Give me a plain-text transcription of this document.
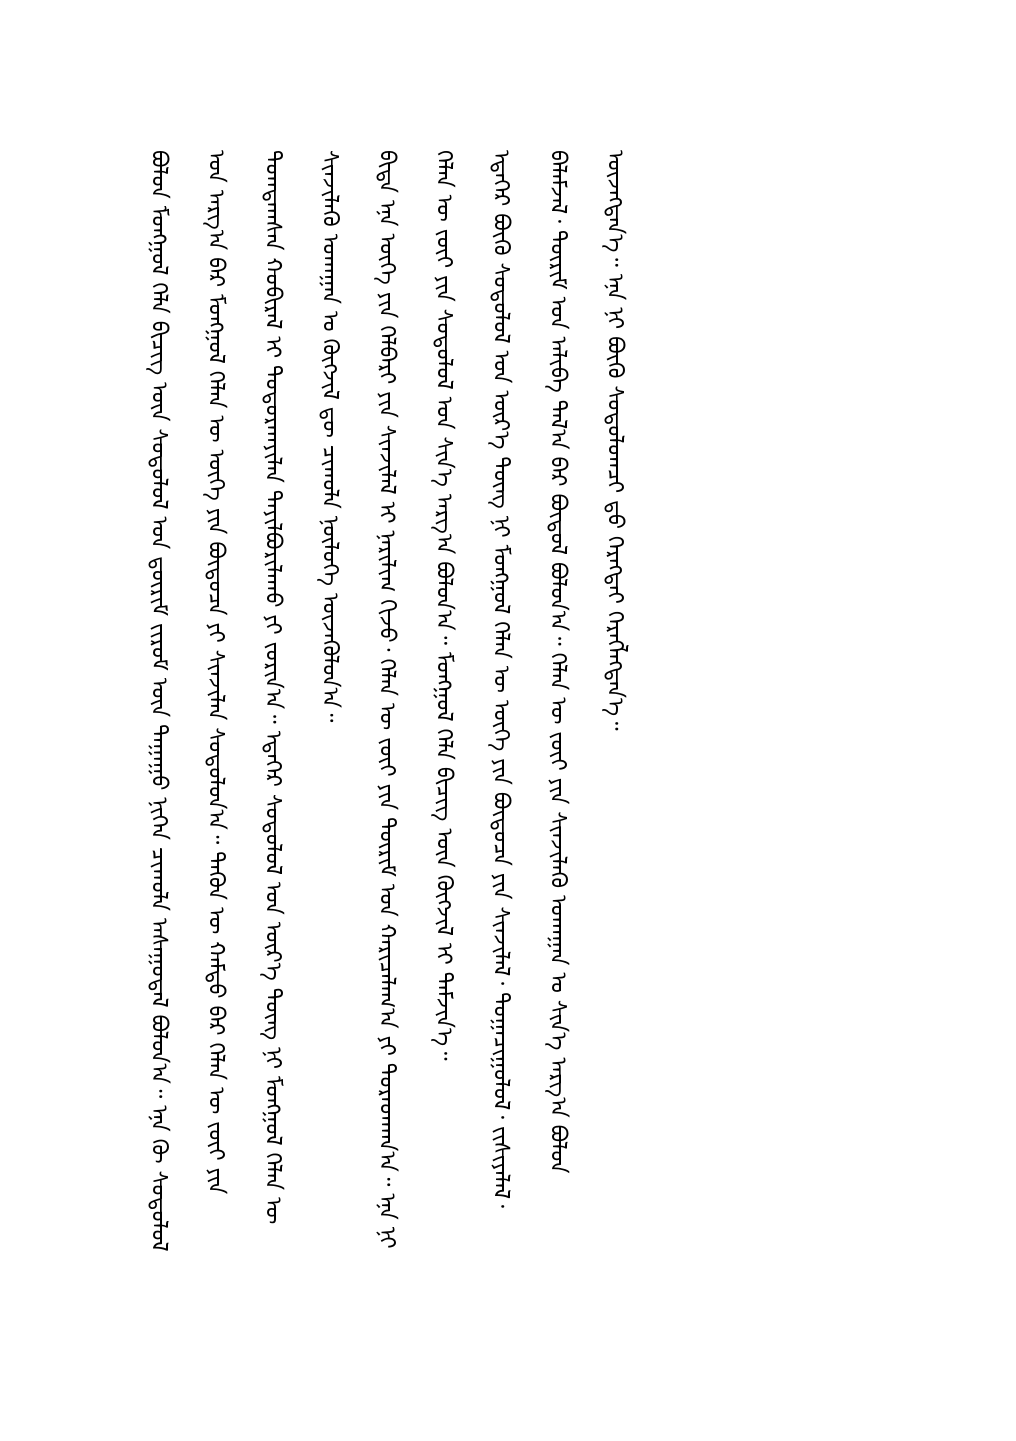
ᠪᠣᠯᠤᠨ ᠮᠣᠩᠭᠣᠯ ᠬᠡᠯᠡ ᠪᠢᠴᠢᠭ ᠦᠨ ᠰᠤᠳᠤᠯᠤᠯ ᠤᠨ ᠳ᠋ᠦᠷᠢᠮ ᠵᠢᠷᠤᠮ ᠦᠨ ᠳᠠᠭᠠᠭᠤ ᠨᠢᠭᠡᠨ ᠴᠢᠬᠤᠯᠠ ᠠᠰᠠᠭᠤᠳᠠᠯ ᠪᠣᠯᠤᠨ᠎ᠠ᠃ ᠡᠨᠡ ᠬᠦ ᠰᠤᠳᠤᠯᠤᠯ ᠤᠨ ᠠᠷᠭ᠎ᠠ ᠪᠠᠷ ᠮᠣᠩᠭᠣᠯ ᠬᠡᠯᠡᠨ ᠦ ᠦᠭᠡ ᠶᠢᠨ ᠪᠦᠲᠦᠴᠡ ᠶᠢ ᠰᠢᠨᠵᠢᠯᠡᠨ ᠰᠤᠳᠤᠯᠤᠨ᠎ᠠ᠃ ᠲᠡᠭᠦᠨ ᠦ ᠬᠠᠮᠲᠤ ᠪᠡᠷ ᠬᠡᠯᠡᠨ ᠦ ᠵᠦᠢ ᠶᠢᠨ ᠲᠣᠭᠲᠠᠭᠰᠠᠨ ᠬᠤᠪᠢᠷᠠᠯ ᠢ ᠲᠣᠳᠣᠷᠬᠠᠶᠢᠯᠠᠨ ᠲᠠᠶᠢᠯᠪᠤᠷᠢᠯᠠᠬᠤ ᠶᠢ ᠵᠣᠷᠢᠨ᠎ᠠ᠃ ᠡᠳᠡᠭᠡᠷ ᠰᠤᠳᠤᠯᠤᠯ ᠤᠨ ᠦᠷ᠎ᠡ ᠳᠦᠩ ᠨᠢ ᠮᠣᠩᠭᠣᠯ ᠬᠡᠯᠡᠨ ᠦ ᠰᠢᠨᠵᠢᠯᠡᠬᠦ ᠤᠬᠠᠭᠠᠨ ᠤ ᠬᠥᠭᠵᠢᠯ ᠳᠦ ᠴᠢᠬᠤᠯᠠ ᠨᠥᠯᠦᠭᠡ ᠦᠵᠡᠭᠦᠯᠦᠨ᠎ᠠ᠃	ᠪᠢᠳᠡ ᠡᠨᠡ ᠦᠭᠡ ᠶᠢᠨ ᠬᠡᠯᠪᠡᠷᠢ ᠶᠢᠨ ᠰᠢᠨᠵᠢᠯᠡᠯ ᠢ ᠨᠠᠷᠢᠯᠢᠭ ᠬᠢᠵᠦ᠂ ᠬᠡᠯᠡᠨ ᠦ ᠵᠦᠢ ᠶᠢᠨ ᠳᠦᠷᠢᠮ ᠤᠨ ᠬᠠᠷᠢᠴᠠᠯᠠᠭ᠎ᠠ ᠶᠢ ᠳᠤᠷᠠᠳᠬᠠᠨ᠎ᠠ᠃ ᠡᠨᠡ ᠨᠢ ᠬᠡᠯᠡᠨ ᠦ ᠵᠦᠢ ᠶᠢᠨ ᠰᠤᠳᠤᠯᠤᠯ ᠤᠨ ᠰᠢᠨ᠎ᠡ ᠠᠷᠭ᠎ᠠ ᠪᠣᠯᠤᠨ᠎ᠠ᠃ ᠮᠣᠩᠭᠣᠯ ᠬᠡᠯᠡ ᠪᠢᠴᠢᠭ ᠦᠨ ᠬᠥᠭᠵᠢᠯ ᠢ ᠳᠡᠮᠵᠢᠨ᠎ᠡ᠃	ᠡᠳᠡᠭᠡᠷ ᠪᠦᠬᠦ ᠰᠤᠳᠤᠯᠤᠯ ᠤᠨ ᠦᠷ᠎ᠡ ᠳᠦᠩ ᠨᠢ ᠮᠣᠩᠭᠣᠯ ᠬᠡᠯᠡᠨ ᠦ ᠦᠭᠡ ᠶᠢᠨ ᠪᠦᠲᠦᠴᠡ ᠶᠢᠨ ᠰᠢᠨᠵᠢᠯᠡᠯ᠂ ᠲᠣᠭᠠᠴᠢᠭᠤᠯᠤᠯ᠂ ᠵᠢᠱᠢᠶᠡᠯᠡᠯ᠂ ᠪᠠᠯᠠᠮᠵᠠᠯ᠂ ᠳᠦᠷᠢᠮ ᠤᠨ ᠠᠯᠢᠪᠠ ᠲᠠᠯ᠎ᠠ ᠪᠠᠷ ᠪᠦᠲᠦᠯ ᠪᠣᠯᠤᠨ᠎ᠠ᠃ ᠬᠡᠯᠡᠨ ᠦ ᠵᠦᠢ ᠶᠢᠨ ᠰᠢᠨᠵᠢᠯᠡᠬᠦ ᠤᠬᠠᠭᠠᠨ ᠤ ᠰᠢᠨ᠎ᠡ ᠠᠷᠭ᠎ᠠ ᠪᠣᠯᠤᠨ ᠦᠵᠡᠭᠳᠡᠨ᠎ᠡ᠃ ᠡᠨᠡ ᠨᠢ ᠪᠦᠬᠦ ᠰᠤᠳᠤᠯᠤᠭᠴᠢ ᠳ᠋ᠦ ᠬᠡᠷᠡᠭᠳᠡᠢ ᠬᠡᠷᠡᠭᠯᠡᠭᠳᠡᠨ᠎ᠡ᠃
